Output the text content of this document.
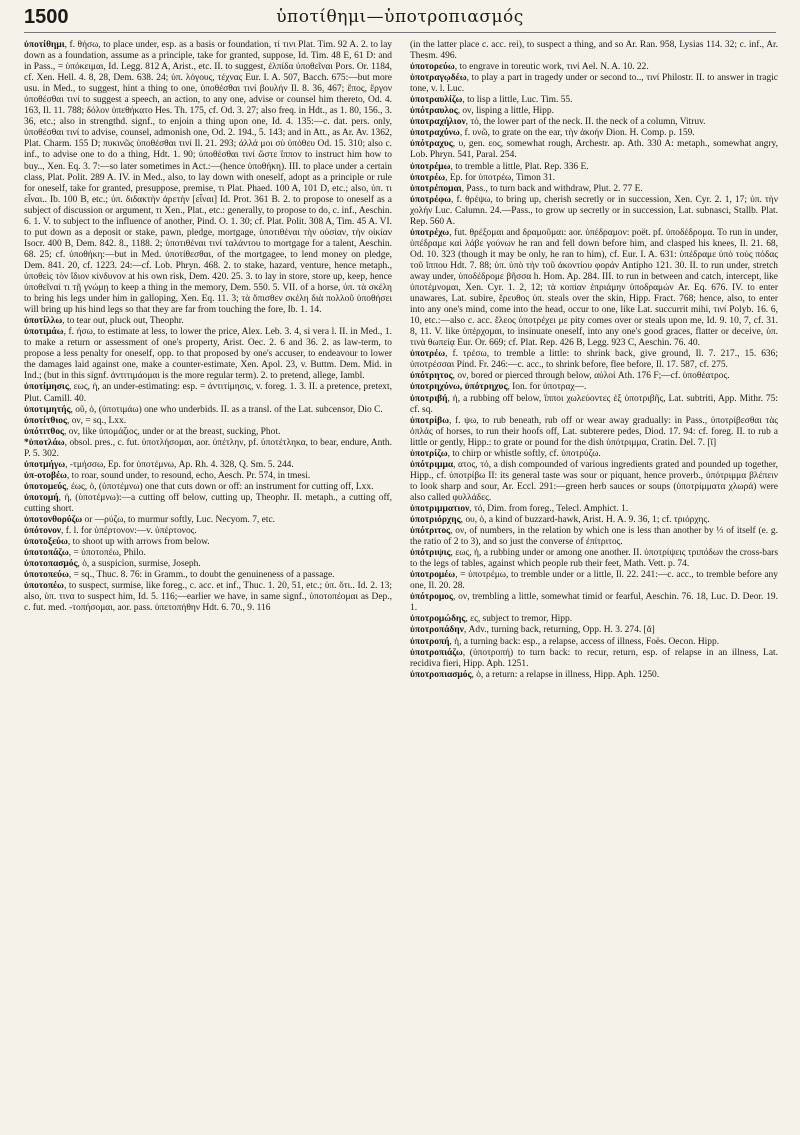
1500	ὑποτίθημι—ὑποτροπιασμός

ὑποτίθημι, f. θήσω, to place under, esp. as a basis or foundation, τί τινι Plat. Tim. 92 A. 2. to lay down as a foundation, assume as a principle, take for granted, suppose, Id. Tim. 48 E, 61 D: and in Pass., = ὑπόκειμαι, Id. Legg. 812 A, Arist., etc. II. to suggest, ἐλπίδα ὑποθεῖναι Pors. Or. 1184, cf. Xen. Hell. 4. 8, 28, Dem. 638. 24; ὑπ. λόγους, τέχνας Eur. I. A. 507, Bacch. 675:—but more usu. in Med., to suggest, hint a thing to one, ὑποθέσθαι τινί βουλήν Il. 8. 36, 467; ἔπος, ἔργον ὑποθέσθαι τινί to suggest a speech, an action, to any one, advise or counsel him thereto, Od. 4. 163, Il. 11. 788; δόλον ὑπεθήκατο Hes. Th. 175, cf. Od. 3. 27; also freq. in Hdt., as 1. 80, 156., 3. 36, etc.; also in strengthd. signf., to enjoin a thing upon one, Id. 4. 135:—c. dat. pers. only, ὑποθέσθαι τινί to advise, counsel, admonish one, Od. 2. 194., 5. 143; and in Att., as Ar. Av. 1362, Plat. Charm. 155 D; πυκινῶς ὑποθέσθαι τινί Il. 21. 293; ἀλλά μοι σὺ ὑπόθευ Od. 15. 310; also c. inf., to advise one to do a thing, Hdt. 1. 90; ὑποθέσθαι τινί ὥστε ἵππον to instruct him how to buy.., Xen. Eq. 3. 7:—so later sometimes in Act.:—(hence ὑποθήκη). III. to place under a certain class, Plat. Polit. 289 A. IV. in Med., also, to lay down with oneself, adopt as a principle or rule for oneself, take for granted, presuppose, premise, τι Plat. Phaed. 100 A, 101 D, etc.; also, ὑπ. τι εἶναι.. Ib. 100 B, etc.; ὑπ. διδακτὴν ἀρετὴν [εἶναι] Id. Prot. 361 B. 2. to propose to oneself as a subject of discussion or argument, τι Xen., Plat., etc.: generally, to propose to do, c. inf., Aeschin. 6. 1. V. to subject to the influence of another, Pind. O. 1. 30; cf. Plat. Polit. 308 A, Tim. 45 A. VI. to put down as a deposit or stake, pawn, pledge, mortgage, ὑποτιθέναι τὴν οὐσίαν, τὴν οἰκίαν Isocr. 400 B, Dem. 842. 8., 1188. 2; ὑποτιθέναι τινί ταλάντου to mortgage for a talent, Aeschin. 68. 25; cf. ὑποθήκη:—but in Med. ὑποτίθεσθαι, of the mortgagee, to lend money on pledge, Dem. 841. 20, cf. 1223. 24:—cf. Lob. Phryn. 468. 2. to stake, hazard, venture, hence metaph., ὑποθεὶς τὸν ἴδιον κίνδυνον at his own risk, Dem. 420. 25. 3. to lay in store, store up, keep, hence ὑποθεῖναί τι τῇ γνώμῃ to keep a thing in the memory, Dem. 550. 5. VII. of a horse, ὑπ. τὰ σκέλη to bring his legs under him in galloping, Xen. Eq. 11. 3; τὰ ὄπισθεν σκέλη διὰ πολλοῦ ὑποθήσει will bring up his hind legs so that they are far from touching the fore, Ib. 1. 14.

ὑποτίλλω, to tear out, pluck out, Theophr.

ὑποτιμάω, f. ήσω, to estimate at less, to lower the price, Alex. Leb. 3. 4, si vera l. II. in Med., 1. to make a return or assessment of one's property, Arist. Oec. 2. 6 and 36. 2. as law-term, to propose a less penalty for oneself, opp. to that proposed by one's accuser, to endeavour to lower the damages laid against one, make a counter-estimate, Xen. Apol. 23, v. Buttm. Dem. Mid. in Ind.; (but in this signf. ἀντιτιμάομαι is the more regular term). 2. to pretend, allege, Iambl.

ὑποτίμησις, εως, ἡ, an under-estimating: esp. = ἀντιτίμησις, v. foreg. 1. 3. II. a pretence, pretext, Plut. Camill. 40.

ὑποτιμητής, οῦ, ὁ, (ὑποτιμάω) one who underbids. II. as a transl. of the Lat. subcensor, Dio C.

ὑποτίτθιος, ον, = sq., Lxx.

ὑπότιτθος, ον, like ὑπομάζιος, under or at the breast, sucking, Phot.

*ὑποτλάω, obsol. pres., c. fut. ὑποτλήσομαι, aor. ὑπέτλην, pf. ὑποτέτληκα, to bear, endure, Anth. P. 5. 302.

ὑποτμήγω, -τμήσσω, Ep. for ὑποτέμνω, Ap. Rh. 4. 328, Q. Sm. 5. 244.

ὑπ-οτοβέω, to roar, sound under, to resound, echo, Aesch. Pr. 574, in tmesi.

ὑποτομεύς, έως, ὁ, (ὑποτέμνω) one that cuts down or off: an instrument for cutting off, Lxx.

ὑποτομή, ἡ, (ὑποτέμνω):—a cutting off below, cutting up, Theophr. II. metaph., a cutting off, cutting short.

ὑποτονθορύζω or —ρύζω, to murmur softly, Luc. Necyom. 7, etc.

ὑπότονον, f. l. for ὑπέρτονον:—v. ὑπέρτονος.

ὑποτοξεύω, to shoot up with arrows from below.

ὑποτοπάζω, = ὑποτοπέω, Philo.

ὑποτοπασμός, ὁ, a suspicion, surmise, Joseph.

ὑποτοπεύω, = sq., Thuc. 8. 76: in Gramm., to doubt the genuineness of a passage.

ὑποτοπέω, to suspect, surmise, like foreg., c. acc. et inf., Thuc. 1. 20, 51, etc.; ὑπ. ὅτι.. Id. 2. 13; also, ὑπ. τινα to suspect him, Id. 5. 116;—earlier we have, in same signf., ὑποτοπέομαι as Dep., c. fut. med. -τοπήσομαι, aor. pass. ὑπετοπήθην Hdt. 6. 70., 9. 116

(in the latter place c. acc. rei), to suspect a thing, and so Ar. Ran. 958, Lysias 114. 32; c. inf., Ar. Thesm. 496.

ὑποτορεύω, to engrave in toreutic work, τινί Ael. N. A. 10. 22.

ὑποτραγῳδέω, to play a part in tragedy under or second to.., τινί Philostr. II. to answer in tragic tone, v. l. Luc.

ὑποτραυλίζω, to lisp a little, Luc. Tim. 55.

ὑπότραυλος, ον, lisping a little, Hipp.

ὑποτραχήλιον, τό, the lower part of the neck. II. the neck of a column, Vitruv.

ὑποτραχύνω, f. υνῶ, to grate on the ear, τὴν ἀκοήν Dion. H. Comp. p. 159.

ὑπότραχυς, υ, gen. εος, somewhat rough, Archestr. ap. Ath. 330 A: metaph., somewhat angry, Lob. Phryn. 541, Paral. 254.

ὑποτρέμω, to tremble a little, Plat. Rep. 336 E.

ὑποτρέω, Ep. for ὑποτρέω, Timon 31.

ὑποτρέπομαι, Pass., to turn back and withdraw, Plut. 2. 77 E.

ὑποτρέφω, f. θρέψω, to bring up, cherish secretly or in succession, Xen. Cyr. 2. 1, 17; ὑπ. τὴν χολήν Luc. Calumn. 24.—Pass., to grow up secretly or in succession, Lat. subnasci, Stallb. Plat. Rep. 560 A.

ὑποτρέχω, fut. θρέξομαι and δραμοῦμαι: aor. ὑπέδραμον: poët. pf. ὑποδέδρομα. To run in under, ὑπέδραμε καὶ λάβε γούνων he ran and fell down before him, and clasped his knees, Il. 21. 68, Od. 10. 323 (though it may be only, he ran to him), cf. Eur. I. A. 631: ὑπέδραμε ὑπὸ τοὺς πόδας τοῦ ἵππου Hdt. 7. 88; ὑπ. ὑπὸ τὴν τοῦ ἀκοντίου φοράν Antipho 121. 30. II. to run under, stretch away under, ὑποδέδρομε βῆσσα h. Hom. Ap. 284. III. to run in between and catch, intercept, like ὑποτέμνομαι, Xen. Cyr. 1. 2, 12; τὰ κοπίαν ἐπριάμην ὑποδραμών Ar. Eq. 676. IV. to enter unawares, Lat. subire, ἔρευθος ὑπ. steals over the skin, Hipp. Fract. 768; hence, also, to enter into any one's mind, come into the head, occur to one, like Lat. succurrit mihi, τινί Polyb. 16. 6, 10, etc.:—also c. acc. ἔλεος ὑποτρέχει με pity comes over or steals upon me, Id. 9. 10, 7, cf. 31. 8, 11. V. like ὑπέρχομαι, to insinuate oneself, into any one's good graces, flatter or deceive, ὑπ. τινὰ θωπείᾳ Eur. Or. 669; cf. Plat. Rep. 426 B, Legg. 923 C, Aeschin. 76. 40.

ὑποτρέω, f. τρέσω, to tremble a little: to shrink back, give ground, Il. 7. 217., 15. 636; ὑποτρέσσαι Pind. Fr. 246:—c. acc., to shrink before, flee before, Il. 17. 587, cf. 275.

ὑπότρητος, ον, bored or pierced through below, αὐλοί Ath. 176 F;—cf. ὑποθέατρος.

ὑποτρηχύνω, ὑπότρηχυς, Ion. for ὑποτραχ—.

ὑποτριβή, ἡ, a rubbing off below, ἵπποι χωλεύοντες ἐξ ὑποτριβῆς, Lat. subtriti, App. Mithr. 75: cf. sq.

ὑποτρίβω, f. ψω, to rub beneath, rub off or wear away gradually: in Pass., ὑποτρίβεσθαι τὰς ὁπλάς of horses, to run their hoofs off, Lat. subterere pedes, Diod. 17. 94: cf. foreg. II. to rub a little or gently, Hipp.: to grate or pound for the dish ὑπότριμμα, Cratin. Del. 7. [ῐ]

ὑποτρίζω, to chirp or whistle softly, cf. ὑποτρύζω.

ὑπότριμμα, ατος, τό, a dish compounded of various ingredients grated and pounded up together, Hipp., cf. ὑποτρίβω II: its general taste was sour or piquant, hence proverb., ὑπότριμμα βλέπειν to look sharp and sour, Ar. Eccl. 291:—green herb sauces or soups (ὑποτρίμματα χλωρά) were also called φυλλάδες.

ὑποτριμματιον, τό, Dim. from foreg., Telecl. Amphict. 1.

ὑποτριόρχης, ου, ὁ, a kind of buzzard-hawk, Arist. H. A. 9. 36, 1; cf. τριόρχης.

ὑπότριτος, ον, of numbers, in the relation by which one is less than another by ⅓ of itself (e. g. the ratio of 2 to 3), and so just the converse of ἐπίτριτος.

ὑπότριψις, εως, ἡ, a rubbing under or among one another. II. ὑποτρίψεις τριπόδων the cross-bars to the legs of tables, against which people rub their feet, Math. Vett. p. 74.

ὑποτρομέω, = ὑποτρέμω, to tremble under or a little, Il. 22. 241:—c. acc., to tremble before any one, Il. 20. 28.

ὑπότρομος, ον, trembling a little, somewhat timid or fearful, Aeschin. 76. 18, Luc. D. Deor. 19. 1.

ὑποτρομώδης, ες, subject to tremor, Hipp.

ὑποτροπάδην, Adv., turning back, returning, Opp. H. 3. 274. [ᾰ]

ὑποτροπή, ἡ, a turning back: esp., a relapse, access of illness, Foës. Oecon. Hipp.

ὑποτροπιάζω, (ὑποτροπή) to turn back: to recur, return, esp. of relapse in an illness, Lat. recidiva fieri, Hipp. Aph. 1251.

ὑποτροπιασμός, ὁ, a return: a relapse in illness, Hipp. Aph. 1250.
